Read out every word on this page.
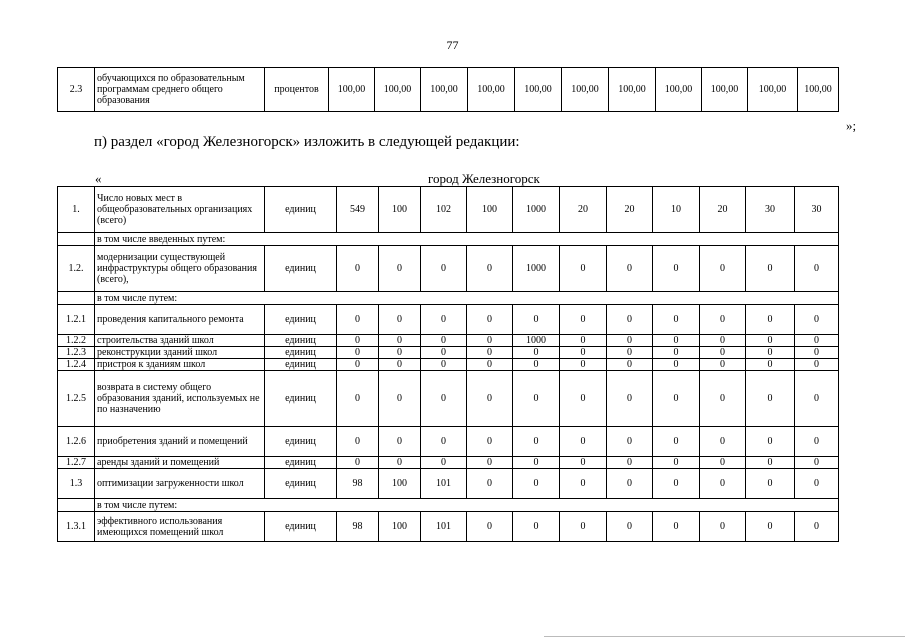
77
2.3	обучающихся по образовательным программам среднего общего образования	процентов	100,00	100,00	100,00	100,00	100,00	100,00	100,00	100,00	100,00	100,00	100,00
»;
п) раздел «город Железногорск» изложить в следующей редакции:
«	город Железногорск
1.	Число новых мест в общеобразовательных организациях (всего)	единиц	549	100	102	100	1000	20	20	10	20	30	30
	в том числе введенных путем:												
1.2.	модернизации существующей инфраструктуры общего образования (всего),	единиц	0	0	0	0	1000	0	0	0	0	0	0
	в том числе путем:												
1.2.1	проведения капитального ремонта	единиц	0	0	0	0	0	0	0	0	0	0	0
1.2.2	строительства зданий школ	единиц	0	0	0	0	1000	0	0	0	0	0	0
1.2.3	реконструкции зданий школ	единиц	0	0	0	0	0	0	0	0	0	0	0
1.2.4	пристроя к зданиям школ	единиц	0	0	0	0	0	0	0	0	0	0	0
1.2.5	возврата в систему общего образования зданий, используемых не по назначению	единиц	0	0	0	0	0	0	0	0	0	0	0
1.2.6	приобретения зданий и помещений	единиц	0	0	0	0	0	0	0	0	0	0	0
1.2.7	аренды зданий и помещений	единиц	0	0	0	0	0	0	0	0	0	0	0
1.3	оптимизации загруженности школ	единиц	98	100	101	0	0	0	0	0	0	0	0
	в том числе путем:												
1.3.1	эффективного использования имеющихся помещений школ	единиц	98	100	101	0	0	0	0	0	0	0	0
